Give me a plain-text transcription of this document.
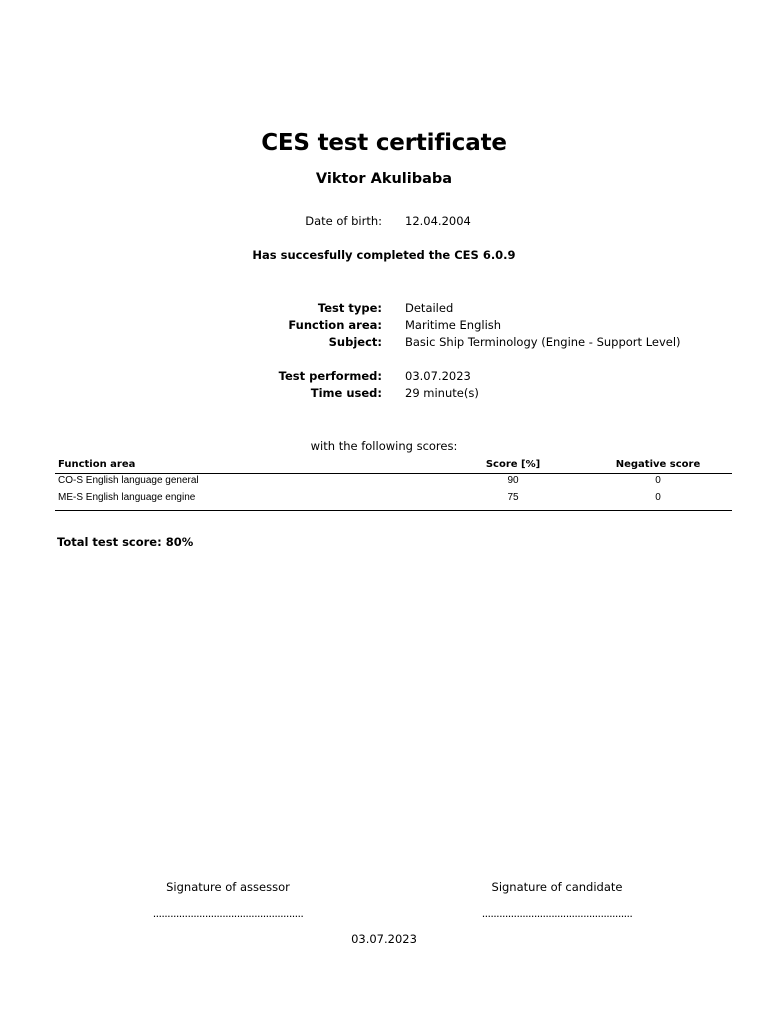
CES test certificate
Viktor Akulibaba
Date of birth: 12.04.2004
Has succesfully completed the CES 6.0.9
Test type: Detailed
Function area: Maritime English
Subject: Basic Ship Terminology (Engine - Support Level)
Test performed: 03.07.2023
Time used: 29 minute(s)
with the following scores:
Function area	Score [%]	Negative score
CO-S English language general	90	0
ME-S English language engine	75	0
Total test score: 80%
Signature of assessor	Signature of candidate
....................................................	....................................................
03.07.2023
